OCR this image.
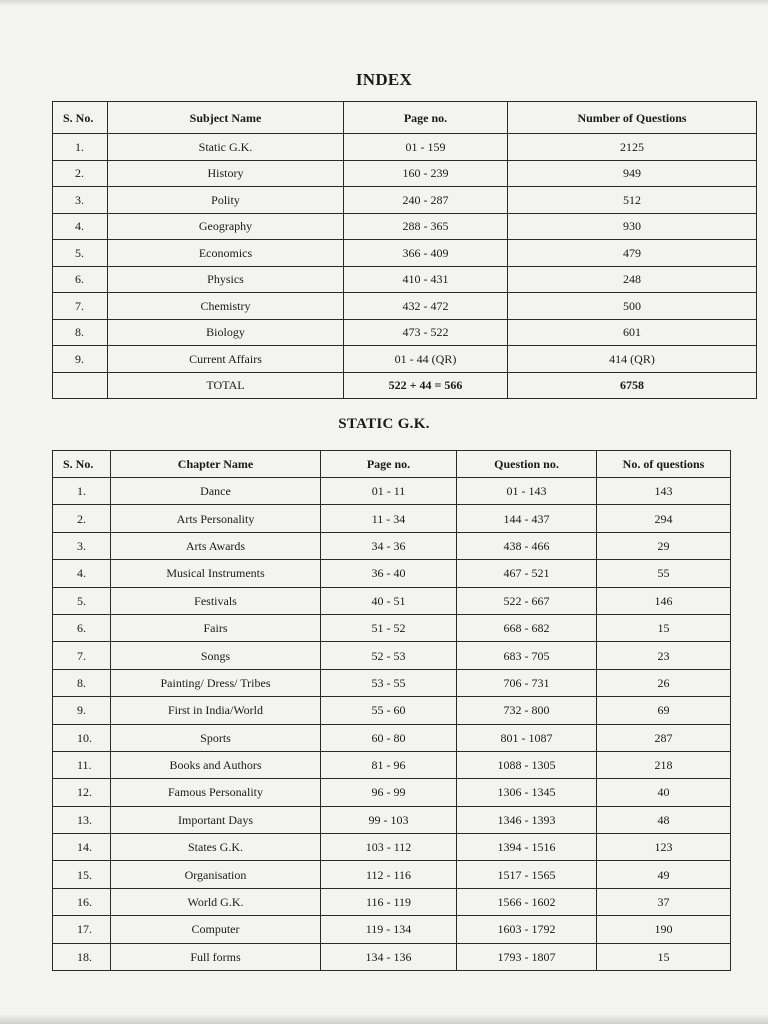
INDEX
S. No.	Subject Name	Page no.	Number of Questions
1.	Static G.K.	01 - 159	2125
2.	History	160 - 239	949
3.	Polity	240 - 287	512
4.	Geography	288 - 365	930
5.	Economics	366 - 409	479
6.	Physics	410 - 431	248
7.	Chemistry	432 - 472	500
8.	Biology	473 - 522	601
9.	Current Affairs	01 - 44 (QR)	414 (QR)
	TOTAL	522 + 44 = 566	6758
STATIC G.K.
S. No.	Chapter Name	Page no.	Question no.	No. of questions
1.	Dance	01 - 11	01 - 143	143
2.	Arts Personality	11 - 34	144 - 437	294
3.	Arts Awards	34 - 36	438 - 466	29
4.	Musical Instruments	36 - 40	467 - 521	55
5.	Festivals	40 - 51	522 - 667	146
6.	Fairs	51 - 52	668 - 682	15
7.	Songs	52 - 53	683 - 705	23
8.	Painting/ Dress/ Tribes	53 - 55	706 - 731	26
9.	First in India/World	55 - 60	732 - 800	69
10.	Sports	60 - 80	801 - 1087	287
11.	Books and Authors	81 - 96	1088 - 1305	218
12.	Famous Personality	96 - 99	1306 - 1345	40
13.	Important Days	99 - 103	1346 - 1393	48
14.	States G.K.	103 - 112	1394 - 1516	123
15.	Organisation	112 - 116	1517 - 1565	49
16.	World G.K.	116 - 119	1566 - 1602	37
17.	Computer	119 - 134	1603 - 1792	190
18.	Full forms	134 - 136	1793 - 1807	15
